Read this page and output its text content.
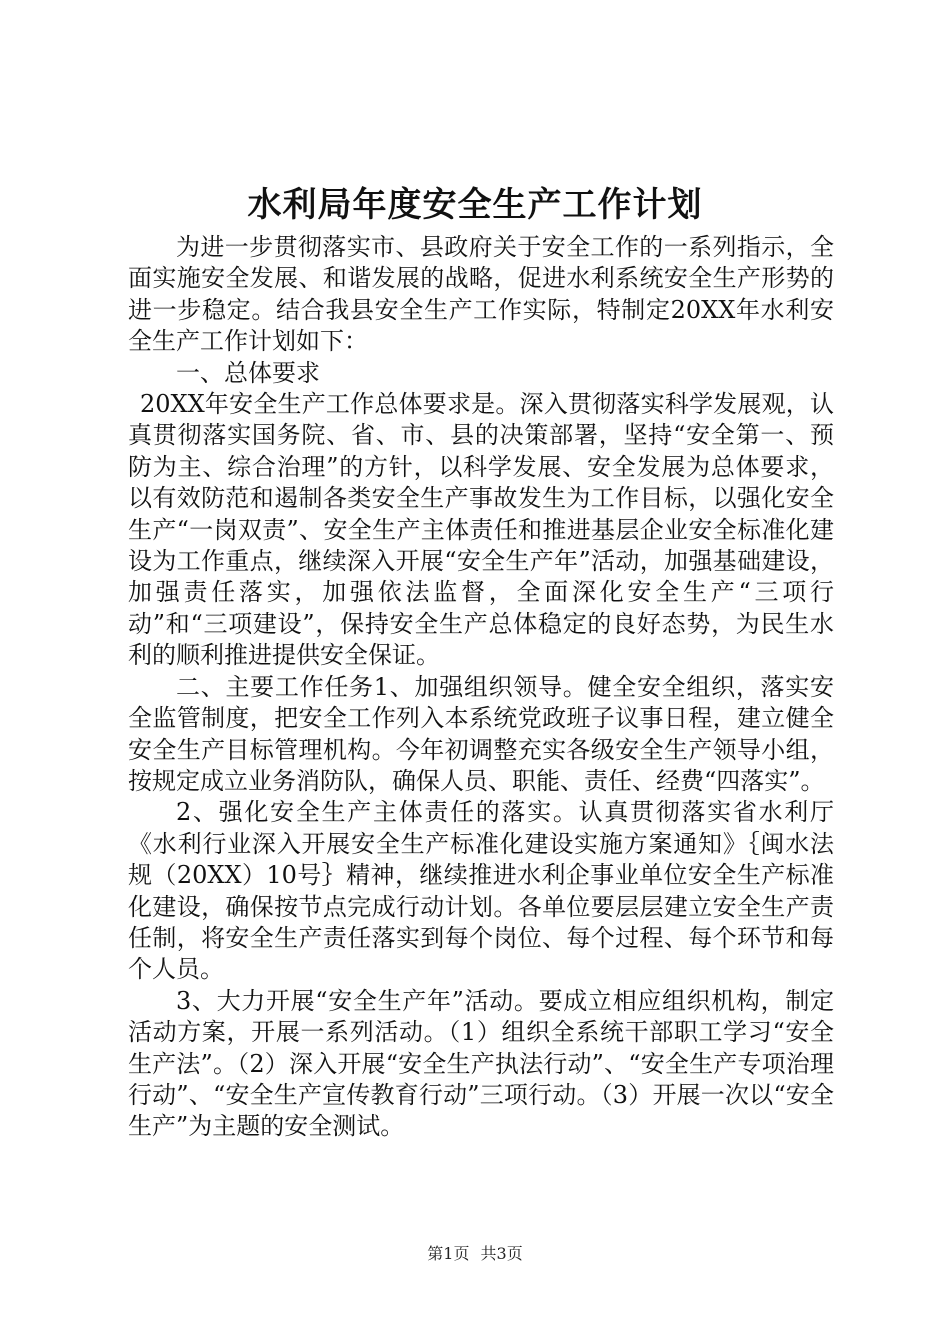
水利局年度安全生产工作计划

为进一步贯彻落实市、县政府关于安全工作的一系列指示，全面实施安全发展、和谐发展的战略，促进水利系统安全生产形势的进一步稳定。结合我县安全生产工作实际，特制定20XX年水利安全生产工作计划如下：

一、总体要求

20XX年安全生产工作总体要求是。深入贯彻落实科学发展观，认真贯彻落实国务院、省、市、县的决策部署，坚持“安全第一、预防为主、综合治理”的方针，以科学发展、安全发展为总体要求，以有效防范和遏制各类安全生产事故发生为工作目标，以强化安全生产“一岗双责”、安全生产主体责任和推进基层企业安全标准化建设为工作重点，继续深入开展“安全生产年”活动，加强基础建设，加强责任落实，加强依法监督，全面深化安全生产“三项行动”和“三项建设”，保持安全生产总体稳定的良好态势，为民生水利的顺利推进提供安全保证。

二、主要工作任务1、加强组织领导。健全安全组织，落实安全监管制度，把安全工作列入本系统党政班子议事日程，建立健全安全生产目标管理机构。今年初调整充实各级安全生产领导小组，按规定成立业务消防队，确保人员、职能、责任、经费“四落实”。

2、强化安全生产主体责任的落实。认真贯彻落实省水利厅《水利行业深入开展安全生产标准化建设实施方案通知》｛闽水法规（20XX）10号｝精神，继续推进水利企事业单位安全生产标准化建设，确保按节点完成行动计划。各单位要层层建立安全生产责任制，将安全生产责任落实到每个岗位、每个过程、每个环节和每个人员。

3、大力开展“安全生产年”活动。要成立相应组织机构，制定活动方案，开展一系列活动。（1）组织全系统干部职工学习“安全生产法”。（2）深入开展“安全生产执法行动”、“安全生产专项治理行动”、“安全生产宣传教育行动”三项行动。（3）开展一次以“安全生产”为主题的安全测试。

第1页 共3页
